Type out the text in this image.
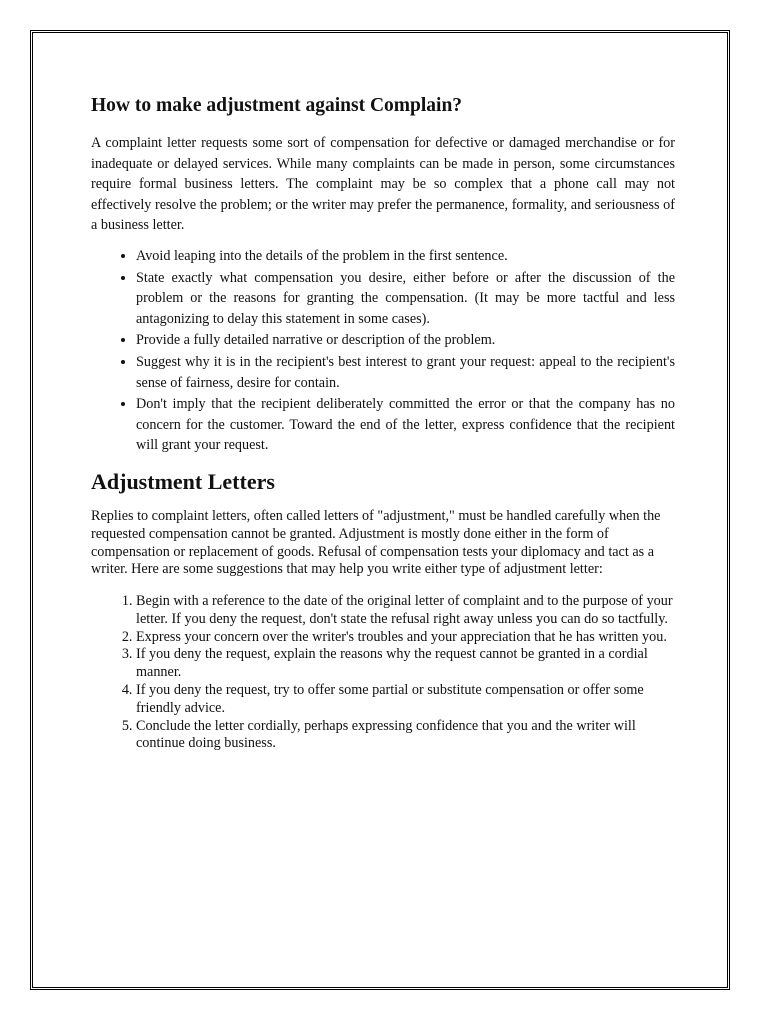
How to make adjustment against Complain?

A complaint letter requests some sort of compensation for defective or damaged merchandise or for inadequate or delayed services. While many complaints can be made in person, some circumstances require formal business letters. The complaint may be so complex that a phone call may not effectively resolve the problem; or the writer may prefer the permanence, formality, and seriousness of a business letter.

• Avoid leaping into the details of the problem in the first sentence.
• State exactly what compensation you desire, either before or after the discussion of the problem or the reasons for granting the compensation. (It may be more tactful and less antagonizing to delay this statement in some cases).
• Provide a fully detailed narrative or description of the problem.
• Suggest why it is in the recipient's best interest to grant your request: appeal to the recipient's sense of fairness, desire for contain.
• Don't imply that the recipient deliberately committed the error or that the company has no concern for the customer. Toward the end of the letter, express confidence that the recipient will grant your request.
Adjustment Letters

Replies to complaint letters, often called letters of "adjustment," must be handled carefully when the requested compensation cannot be granted. Adjustment is mostly done either in the form of compensation or replacement of goods. Refusal of compensation tests your diplomacy and tact as a writer. Here are some suggestions that may help you write either type of adjustment letter:

1. Begin with a reference to the date of the original letter of complaint and to the purpose of your letter. If you deny the request, don't state the refusal right away unless you can do so tactfully.
2. Express your concern over the writer's troubles and your appreciation that he has written you.
3. If you deny the request, explain the reasons why the request cannot be granted in a cordial manner.
4. If you deny the request, try to offer some partial or substitute compensation or offer some friendly advice.
5. Conclude the letter cordially, perhaps expressing confidence that you and the writer will continue doing business.
